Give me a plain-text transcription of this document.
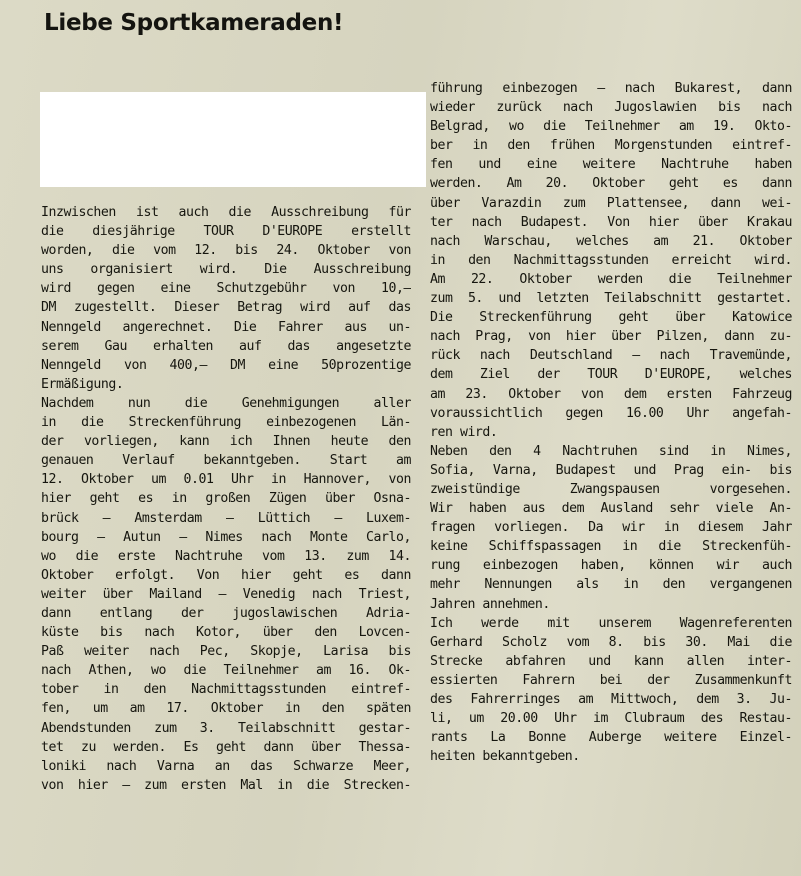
Liebe Sportkameraden!
Inzwischen ist auch die Ausschreibung für
die diesjährige TOUR D'EUROPE erstellt
worden, die vom 12. bis 24. Oktober von
uns organisiert wird. Die Ausschreibung
wird gegen eine Schutzgebühr von 10,–
DM zugestellt. Dieser Betrag wird auf das
Nenngeld angerechnet. Die Fahrer aus un-
serem Gau erhalten auf das angesetzte
Nenngeld von 400,– DM eine 50prozentige
Ermäßigung.
Nachdem nun die Genehmigungen aller
in die Streckenführung einbezogenen Län-
der vorliegen, kann ich Ihnen heute den
genauen Verlauf bekanntgeben. Start am
12. Oktober um 0.01 Uhr in Hannover, von
hier geht es in großen Zügen über Osna-
brück – Amsterdam – Lüttich – Luxem-
bourg – Autun – Nimes nach Monte Carlo,
wo die erste Nachtruhe vom 13. zum 14.
Oktober erfolgt. Von hier geht es dann
weiter über Mailand – Venedig nach Triest,
dann entlang der jugoslawischen Adria-
küste bis nach Kotor, über den Lovcen-
Paß weiter nach Pec, Skopje, Larisa bis
nach Athen, wo die Teilnehmer am 16. Ok-
tober in den Nachmittagsstunden eintref-
fen, um am 17. Oktober in den späten
Abendstunden zum 3. Teilabschnitt gestar-
tet zu werden. Es geht dann über Thessa-
loniki nach Varna an das Schwarze Meer,
von hier – zum ersten Mal in die Strecken-
führung einbezogen – nach Bukarest, dann
wieder zurück nach Jugoslawien bis nach
Belgrad, wo die Teilnehmer am 19. Okto-
ber in den frühen Morgenstunden eintref-
fen und eine weitere Nachtruhe haben
werden. Am 20. Oktober geht es dann
über Varazdin zum Plattensee, dann wei-
ter nach Budapest. Von hier über Krakau
nach Warschau, welches am 21. Oktober
in den Nachmittagsstunden erreicht wird.
Am 22. Oktober werden die Teilnehmer
zum 5. und letzten Teilabschnitt gestartet.
Die Streckenführung geht über Katowice
nach Prag, von hier über Pilzen, dann zu-
rück nach Deutschland – nach Travemünde,
dem Ziel der TOUR D'EUROPE, welches
am 23. Oktober von dem ersten Fahrzeug
voraussichtlich gegen 16.00 Uhr angefah-
ren wird.
Neben den 4 Nachtruhen sind in Nimes,
Sofia, Varna, Budapest und Prag ein- bis
zweistündige Zwangspausen vorgesehen.
Wir haben aus dem Ausland sehr viele An-
fragen vorliegen. Da wir in diesem Jahr
keine Schiffspassagen in die Streckenfüh-
rung einbezogen haben, können wir auch
mehr Nennungen als in den vergangenen
Jahren annehmen.
Ich werde mit unserem Wagenreferenten
Gerhard Scholz vom 8. bis 30. Mai die
Strecke abfahren und kann allen inter-
essierten Fahrern bei der Zusammenkunft
des Fahrerringes am Mittwoch, dem 3. Ju-
li, um 20.00 Uhr im Clubraum des Restau-
rants La Bonne Auberge weitere Einzel-
heiten bekanntgeben.
